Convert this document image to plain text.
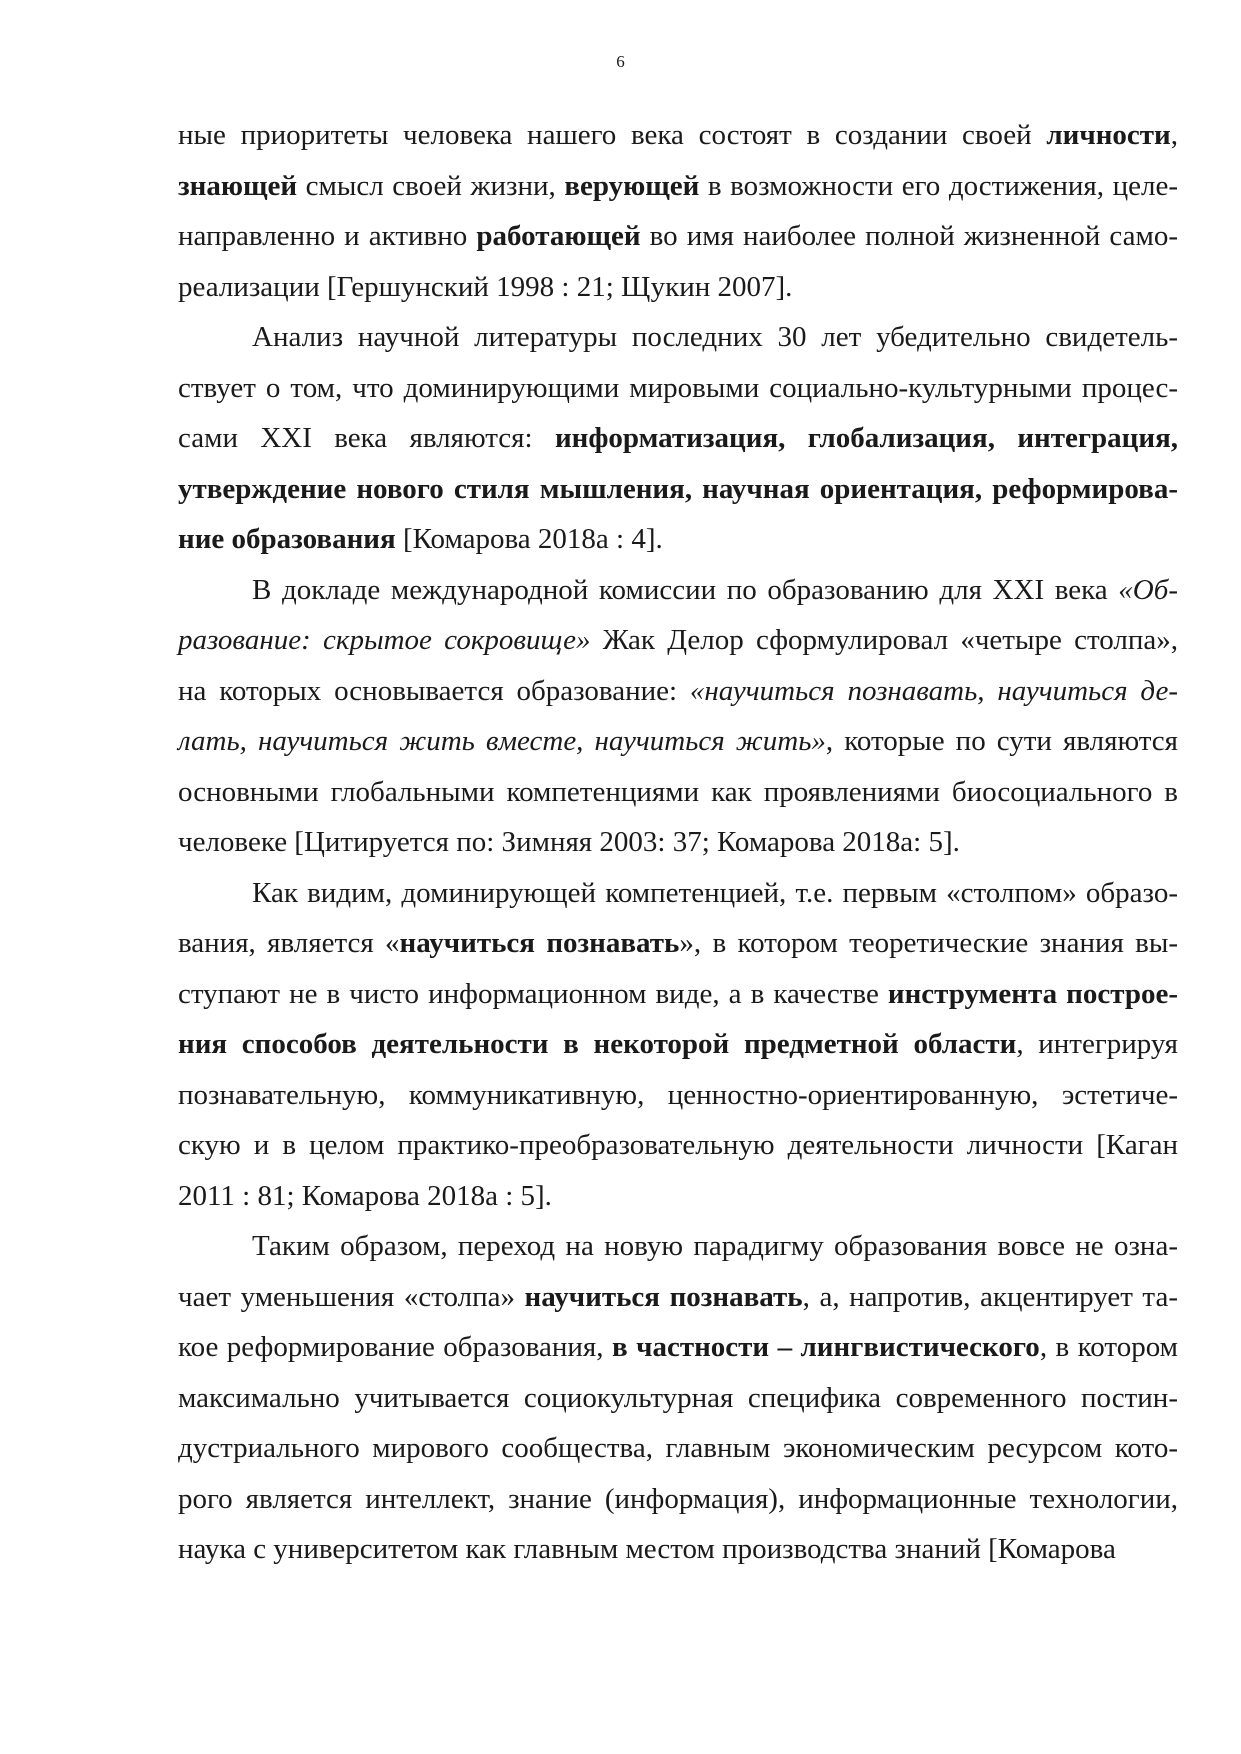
6

ные приоритеты человека нашего века состоят в создании своей личности, знающей смысл своей жизни, верующей в возможности его достижения, целенаправленно и активно работающей во имя наиболее полной жизненной самореализации [Гершунский 1998 : 21; Щукин 2007].

Анализ научной литературы последних 30 лет убедительно свидетельствует о том, что доминирующими мировыми социально-культурными процессами XXI века являются: информатизация, глобализация, интеграция, утверждение нового стиля мышления, научная ориентация, реформирование образования [Комарова 2018а : 4].

В докладе международной комиссии по образованию для XXI века «Образование: скрытое сокровище» Жак Делор сформулировал «четыре столпа», на которых основывается образование: «научиться познавать, научиться делать, научиться жить вместе, научиться жить», которые по сути являются основными глобальными компетенциями как проявлениями биосоциального в человеке [Цитируется по: Зимняя 2003: 37; Комарова 2018а: 5].

Как видим, доминирующей компетенцией, т.е. первым «столпом» образования, является «научиться познавать», в котором теоретические знания выступают не в чисто информационном виде, а в качестве инструмента построения способов деятельности в некоторой предметной области, интегрируя познавательную, коммуникативную, ценностно-ориентированную, эстетическую и в целом практико-преобразовательную деятельности личности [Каган 2011 : 81; Комарова 2018а : 5].

Таким образом, переход на новую парадигму образования вовсе не означает уменьшения «столпа» научиться познавать, а, напротив, акцентирует такое реформирование образования, в частности – лингвистического, в котором максимально учитывается социокультурная специфика современного постиндустриального мирового сообщества, главным экономическим ресурсом которого является интеллект, знание (информация), информационные технологии, наука с университетом как главным местом производства знаний [Комарова
